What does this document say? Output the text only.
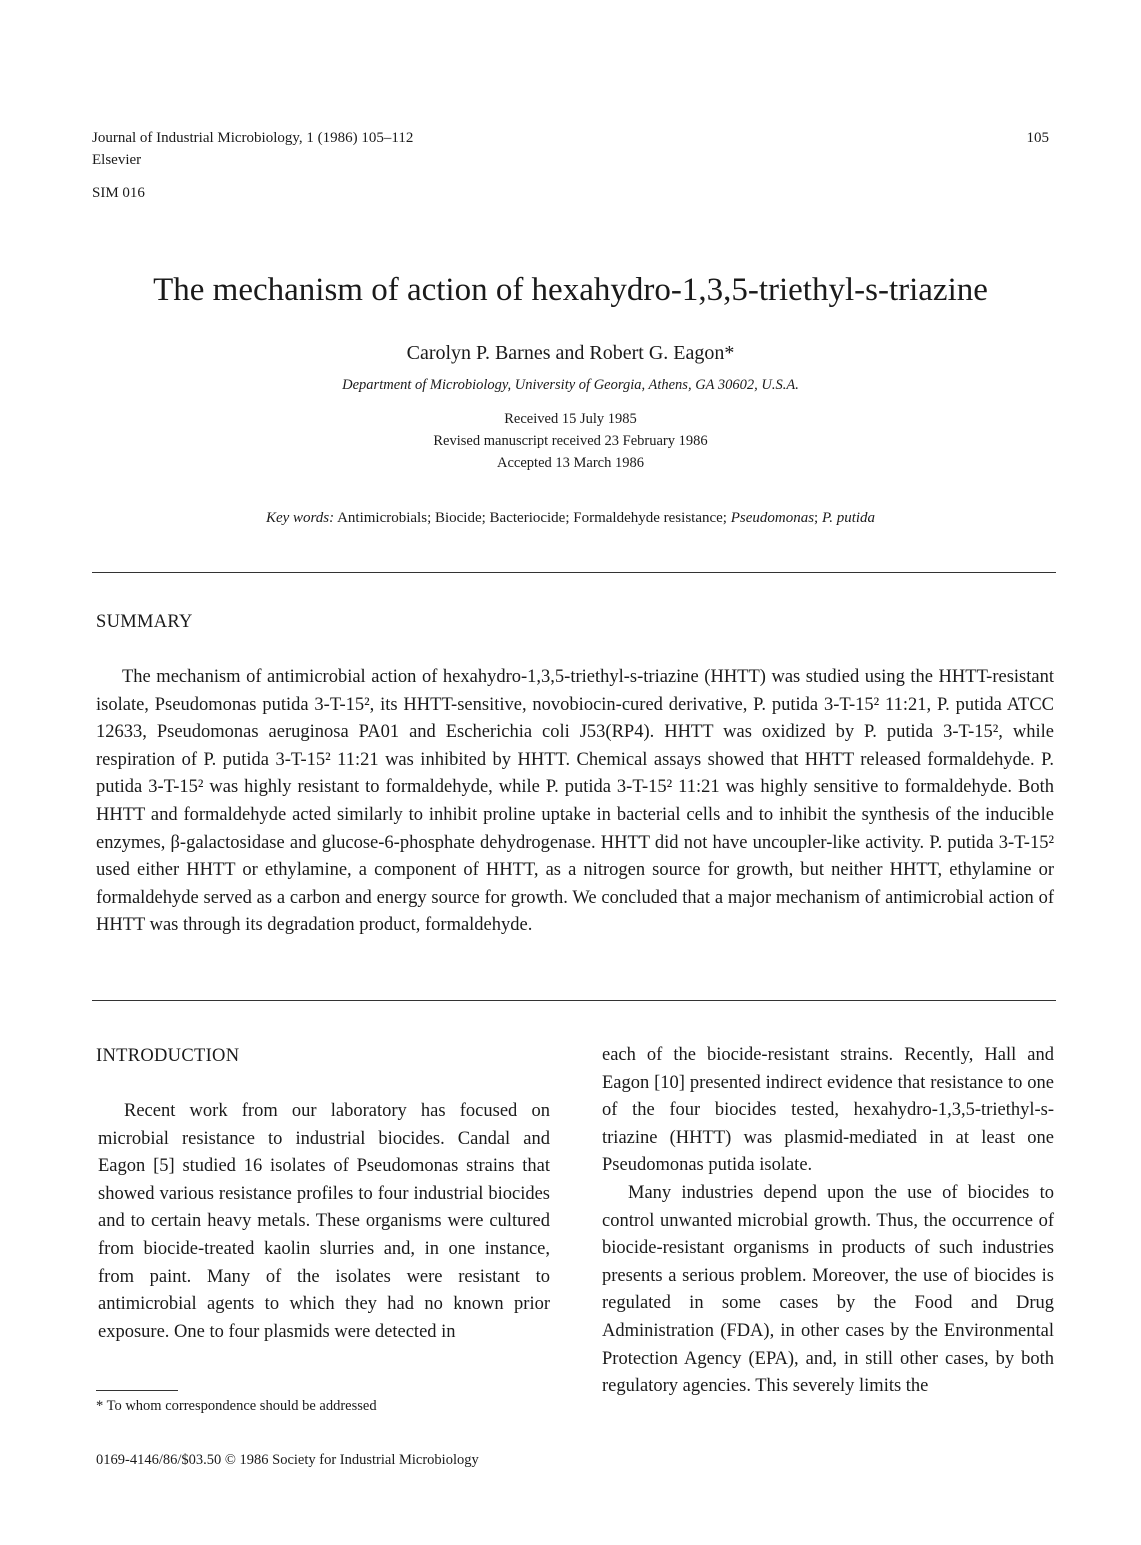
Journal of Industrial Microbiology, 1 (1986) 105–112
Elsevier
SIM 016
105
The mechanism of action of hexahydro-1,3,5-triethyl-s-triazine
Carolyn P. Barnes and Robert G. Eagon*
Department of Microbiology, University of Georgia, Athens, GA 30602, U.S.A.
Received 15 July 1985
Revised manuscript received 23 February 1986
Accepted 13 March 1986
Key words: Antimicrobials; Biocide; Bacteriocide; Formaldehyde resistance; Pseudomonas; P. putida
SUMMARY
The mechanism of antimicrobial action of hexahydro-1,3,5-triethyl-s-triazine (HHTT) was studied using the HHTT-resistant isolate, Pseudomonas putida 3-T-15², its HHTT-sensitive, novobiocin-cured derivative, P. putida 3-T-15² 11:21, P. putida ATCC 12633, Pseudomonas aeruginosa PA01 and Escherichia coli J53(RP4). HHTT was oxidized by P. putida 3-T-15², while respiration of P. putida 3-T-15² 11:21 was inhibited by HHTT. Chemical assays showed that HHTT released formaldehyde. P. putida 3-T-15² was highly resistant to formaldehyde, while P. putida 3-T-15² 11:21 was highly sensitive to formaldehyde. Both HHTT and formaldehyde acted similarly to inhibit proline uptake in bacterial cells and to inhibit the synthesis of the inducible enzymes, β-galactosidase and glucose-6-phosphate dehydrogenase. HHTT did not have uncoupler-like activity. P. putida 3-T-15² used either HHTT or ethylamine, a component of HHTT, as a nitrogen source for growth, but neither HHTT, ethylamine or formaldehyde served as a carbon and energy source for growth. We concluded that a major mechanism of antimicrobial action of HHTT was through its degradation product, formaldehyde.
INTRODUCTION

Recent work from our laboratory has focused on microbial resistance to industrial biocides. Candal and Eagon [5] studied 16 isolates of Pseudomonas strains that showed various resistance profiles to four industrial biocides and to certain heavy metals. These organisms were cultured from biocide-treated kaolin slurries and, in one instance, from paint. Many of the isolates were resistant to antimicrobial agents to which they had no known prior exposure. One to four plasmids were detected in

* To whom correspondence should be addressed
0169-4146/86/$03.50 © 1986 Society for Industrial Microbiology

each of the biocide-resistant strains. Recently, Hall and Eagon [10] presented indirect evidence that resistance to one of the four biocides tested, hexahydro-1,3,5-triethyl-s-triazine (HHTT) was plasmid-mediated in at least one Pseudomonas putida isolate.

Many industries depend upon the use of biocides to control unwanted microbial growth. Thus, the occurrence of biocide-resistant organisms in products of such industries presents a serious problem. Moreover, the use of biocides is regulated in some cases by the Food and Drug Administration (FDA), in other cases by the Environmental Protection Agency (EPA), and, in still other cases, by both regulatory agencies. This severely limits the
